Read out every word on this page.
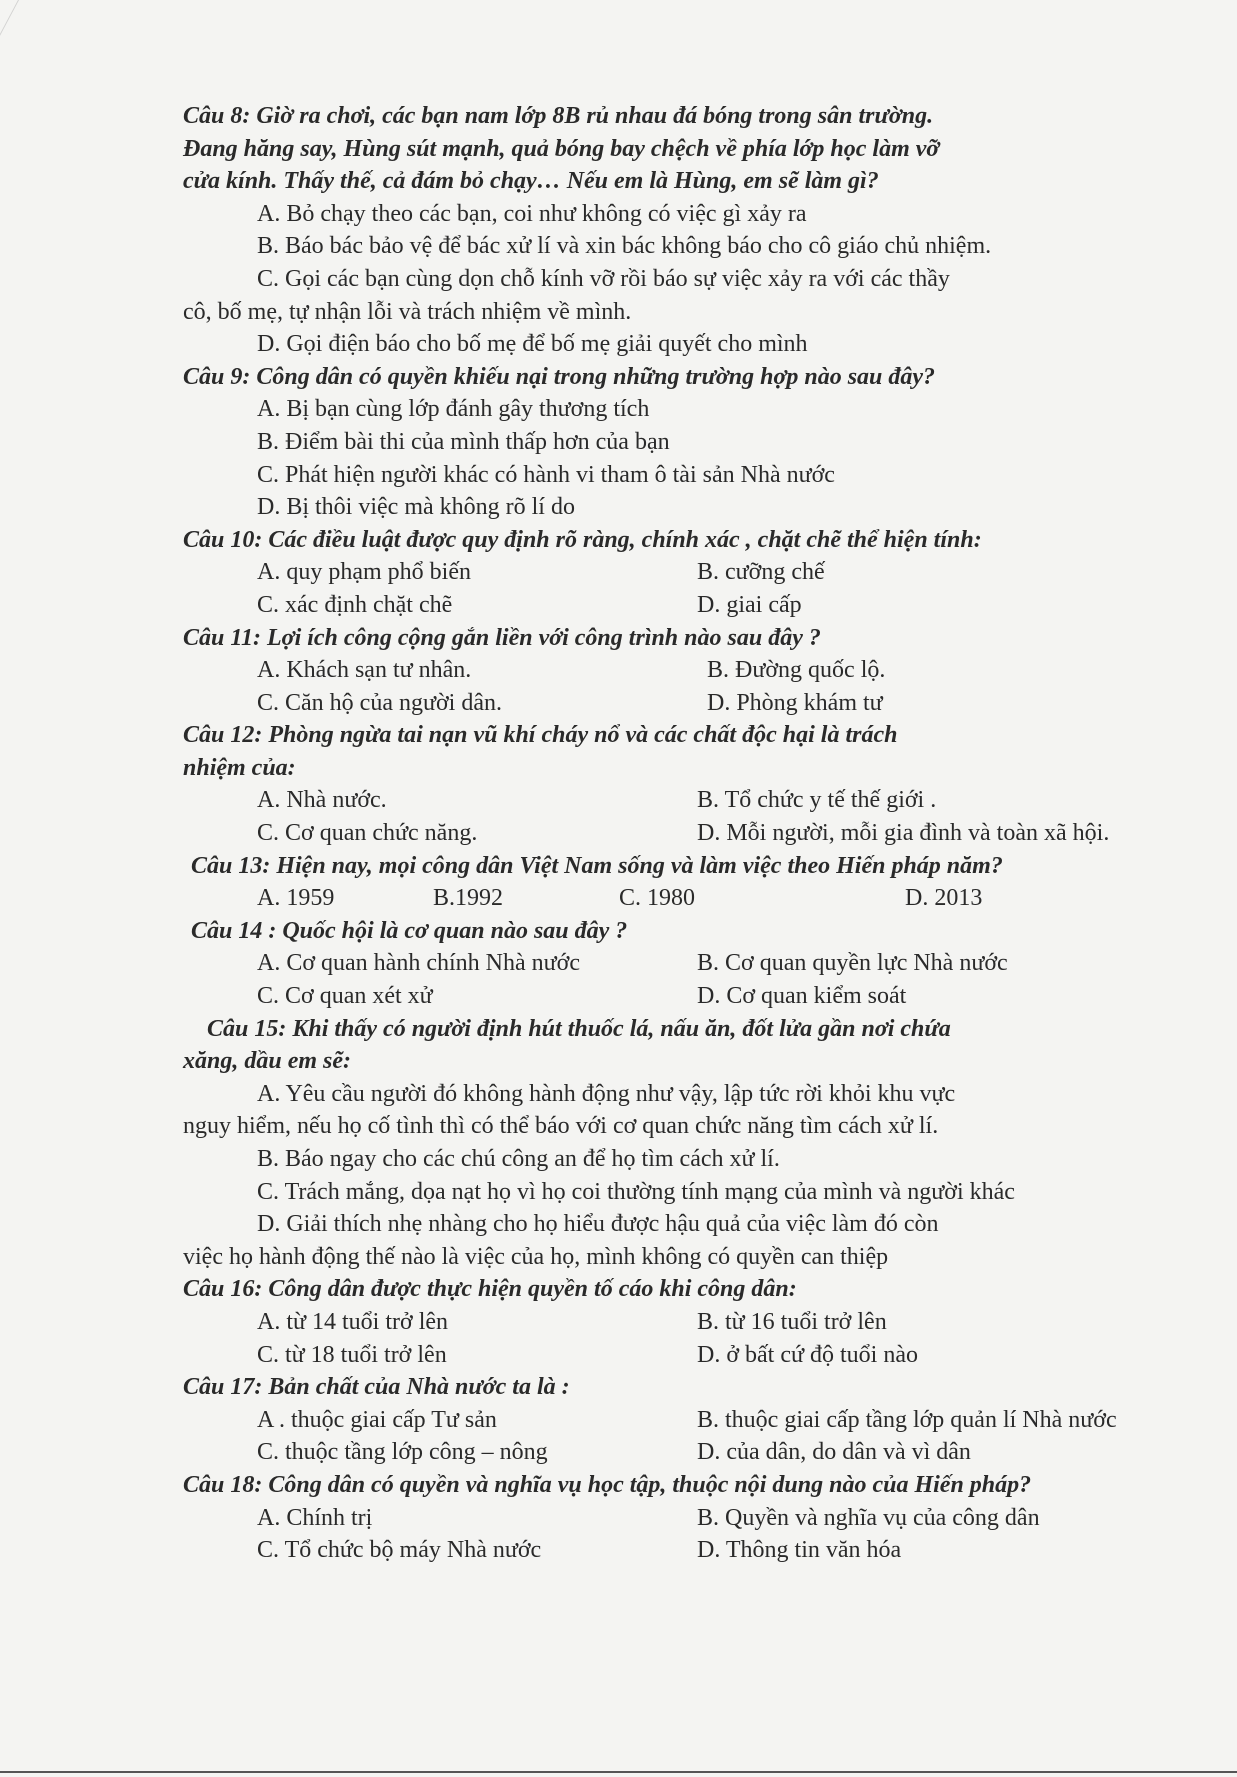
Câu 8: Giờ ra chơi, các bạn nam lớp 8B rủ nhau đá bóng trong sân trường.
Đang hăng say, Hùng sút mạnh, quả bóng bay chệch về phía lớp học làm vỡ
cửa kính. Thấy thế, cả đám bỏ chạy… Nếu em là Hùng, em sẽ làm gì?
A. Bỏ chạy theo các bạn, coi như không có việc gì xảy ra
B. Báo bác bảo vệ để bác xử lí và xin bác không báo cho cô giáo chủ nhiệm.
C. Gọi các bạn cùng dọn chỗ kính vỡ rồi báo sự việc xảy ra với các thầy
cô, bố mẹ, tự nhận lỗi và trách nhiệm về mình.
D. Gọi điện báo cho bố mẹ để bố mẹ giải quyết cho mình
Câu 9: Công dân có quyền khiếu nại trong những trường hợp nào sau đây?
A. Bị bạn cùng lớp đánh gây thương tích
B. Điểm bài thi của mình thấp hơn của bạn
C. Phát hiện người khác có hành vi tham ô tài sản Nhà nước
D. Bị thôi việc mà không rõ lí do
Câu 10: Các điều luật được quy định rõ ràng, chính xác , chặt chẽ thể hiện tính:
A. quy phạm phổ biến	B. cưỡng chế
C. xác định chặt chẽ	D. giai cấp
Câu 11: Lợi ích công cộng gắn liền với công trình nào sau đây ?
A. Khách sạn tư nhân.	B. Đường quốc lộ.
C. Căn hộ của người dân.	D. Phòng khám tư
Câu 12: Phòng ngừa tai nạn vũ khí cháy nổ và các chất độc hại là trách
nhiệm của:
A. Nhà nước.	B. Tổ chức y tế thế giới .
C. Cơ quan chức năng.	D. Mỗi người, mỗi gia đình và toàn xã hội.
Câu 13: Hiện nay, mọi công dân Việt Nam sống và làm việc theo Hiến pháp năm?
A. 1959	B.1992	C. 1980	D. 2013
Câu 14 : Quốc hội là cơ quan nào sau đây ?
A. Cơ quan hành chính Nhà nước	B. Cơ quan quyền lực Nhà nước
C. Cơ quan xét xử	D. Cơ quan kiểm soát
Câu 15: Khi thấy có người định hút thuốc lá, nấu ăn, đốt lửa gần nơi chứa
xăng, dầu em sẽ:
A. Yêu cầu người đó không hành động như vậy, lập tức rời khỏi khu vực
nguy hiểm, nếu họ cố tình thì có thể báo với cơ quan chức năng tìm cách xử lí.
B. Báo ngay cho các chú công an để họ tìm cách xử lí.
C. Trách mắng, dọa nạt họ vì họ coi thường tính mạng của mình và người khác
D. Giải thích nhẹ nhàng cho họ hiểu được hậu quả của việc làm đó còn
việc họ hành động thế nào là việc của họ, mình không có quyền can thiệp
Câu 16: Công dân được thực hiện quyền tố cáo khi công dân:
A. từ 14 tuổi trở lên	B. từ 16 tuổi trở lên
C. từ 18 tuổi trở lên	D. ở bất cứ độ tuổi nào
Câu 17: Bản chất của Nhà nước ta là :
A . thuộc giai cấp Tư sản	B. thuộc giai cấp tầng lớp quản lí Nhà nước
C. thuộc tầng lớp công – nông	D. của dân, do dân và vì dân
Câu 18: Công dân có quyền và nghĩa vụ học tập, thuộc nội dung nào của Hiến pháp?
A. Chính trị	B. Quyền và nghĩa vụ của công dân
C. Tổ chức bộ máy Nhà nước	D. Thông tin văn hóa
